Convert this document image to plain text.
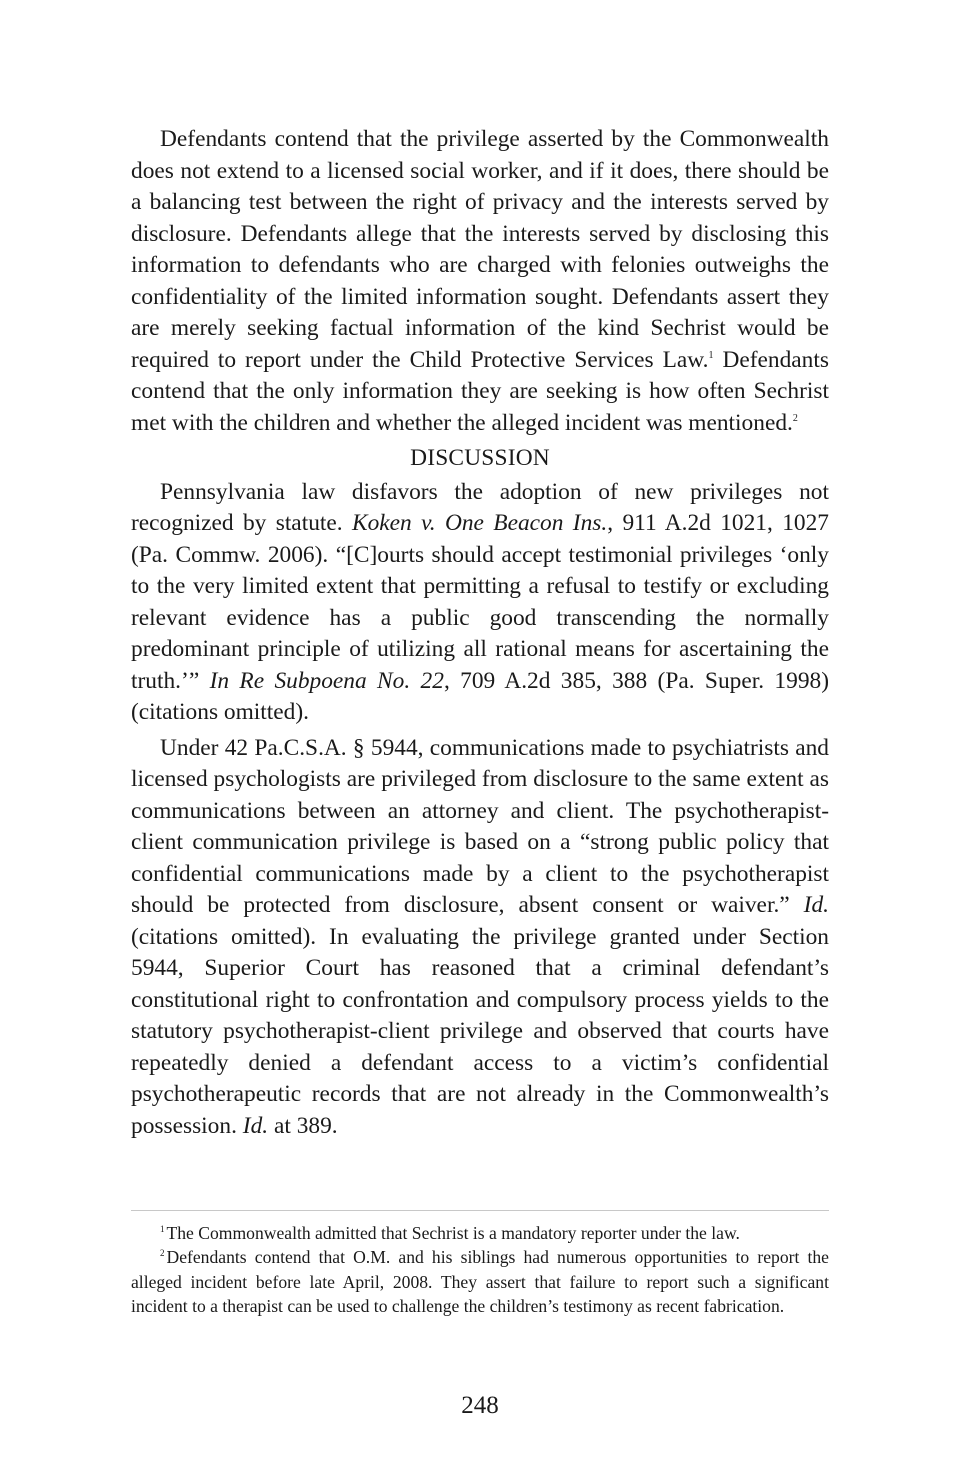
Defendants contend that the privilege asserted by the Commonwealth does not extend to a licensed social worker, and if it does, there should be a balancing test between the right of privacy and the interests served by disclosure. Defendants allege that the interests served by disclosing this information to defendants who are charged with felonies outweighs the confidentiality of the limited information sought. Defendants assert they are merely seeking factual information of the kind Sechrist would be required to report under the Child Protective Services Law.$^1$ Defendants contend that the only information they are seeking is how often Sechrist met with the children and whether the alleged incident was mentioned.$^2$

DISCUSSION

Pennsylvania law disfavors the adoption of new privileges not recognized by statute. Koken v. One Beacon Ins., 911 A.2d 1021, 1027 (Pa. Commw. 2006). “[C]ourts should accept testimonial privileges ‘only to the very limited extent that permitting a refusal to testify or excluding relevant evidence has a public good transcending the normally predominant principle of utilizing all rational means for ascertaining the truth.’” In Re Subpoena No. 22, 709 A.2d 385, 388 (Pa. Super. 1998) (citations omitted).

Under 42 Pa.C.S.A. § 5944, communications made to psychiatrists and licensed psychologists are privileged from disclosure to the same extent as communications between an attorney and client. The psychotherapist-client communication privilege is based on a “strong public policy that confidential communications made by a client to the psychotherapist should be protected from disclosure, absent consent or waiver.” Id. (citations omitted). In evaluating the privilege granted under Section 5944, Superior Court has reasoned that a criminal defendant’s constitutional right to confrontation and compulsory process yields to the statutory psychotherapist-client privilege and observed that courts have repeatedly denied a defendant access to a victim’s confidential psychotherapeutic records that are not already in the Commonwealth’s possession. Id. at 389.

$^1$ The Commonwealth admitted that Sechrist is a mandatory reporter under the law.

$^2$ Defendants contend that O.M. and his siblings had numerous opportunities to report the alleged incident before late April, 2008. They assert that failure to report such a significant incident to a therapist can be used to challenge the children’s testimony as recent fabrication.

248
